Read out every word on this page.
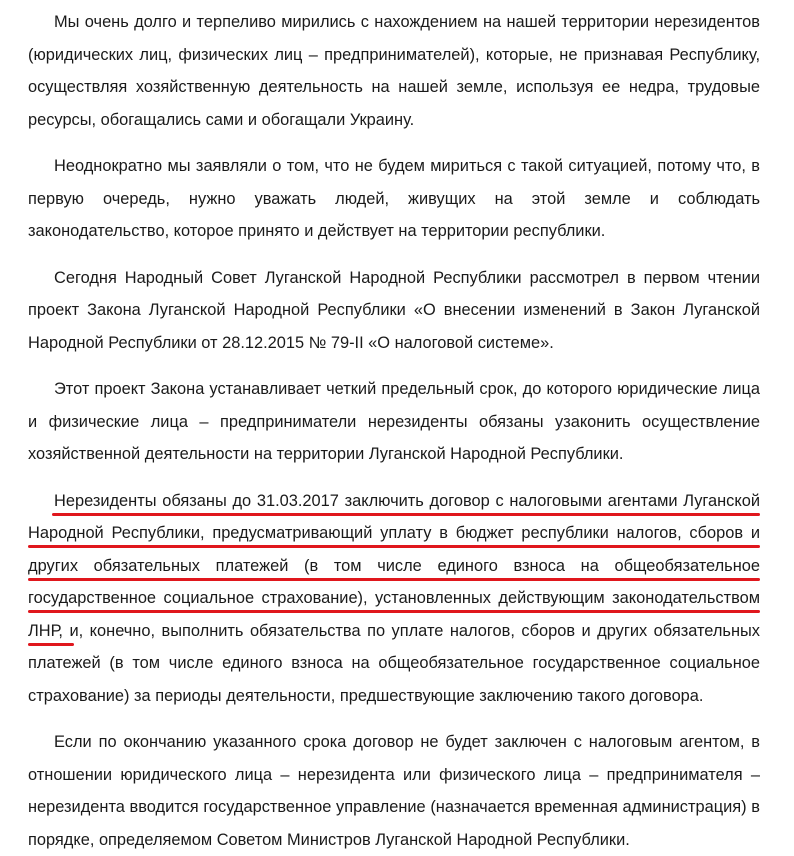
Мы очень долго и терпеливо мирились с нахождением на нашей территории нерезидентов (юридических лиц, физических лиц – предпринимателей), которые, не признавая Республику, осуществляя хозяйственную деятельность на нашей земле, используя ее недра, трудовые ресурсы, обогащались сами и обогащали Украину.

Неоднократно мы заявляли о том, что не будем мириться с такой ситуацией, потому что, в первую очередь, нужно уважать людей, живущих на этой земле и соблюдать законодательство, которое принято и действует на территории республики.

Сегодня Народный Совет Луганской Народной Республики рассмотрел в первом чтении проект Закона Луганской Народной Республики «О внесении изменений в Закон Луганской Народной Республики от 28.12.2015 № 79-II «О налоговой системе».

Этот проект Закона устанавливает четкий предельный срок, до которого юридические лица и физические лица – предприниматели нерезиденты обязаны узаконить осуществление хозяйственной деятельности на территории Луганской Народной Республики.

Нерезиденты обязаны до 31.03.2017 заключить договор с налоговыми агентами Луганской Народной Республики, предусматривающий уплату в бюджет республики налогов, сборов и других обязательных платежей (в том числе единого взноса на общеобязательное государственное социальное страхование), установленных действующим законодательством ЛНР, и, конечно, выполнить обязательства по уплате налогов, сборов и других обязательных платежей (в том числе единого взноса на общеобязательное государственное социальное страхование) за периоды деятельности, предшествующие заключению такого договора.

Если по окончанию указанного срока договор не будет заключен с налоговым агентом, в отношении юридического лица – нерезидента или физического лица – предпринимателя – нерезидента вводится государственное управление (назначается временная администрация) в порядке, определяемом Советом Министров Луганской Народной Республики.
